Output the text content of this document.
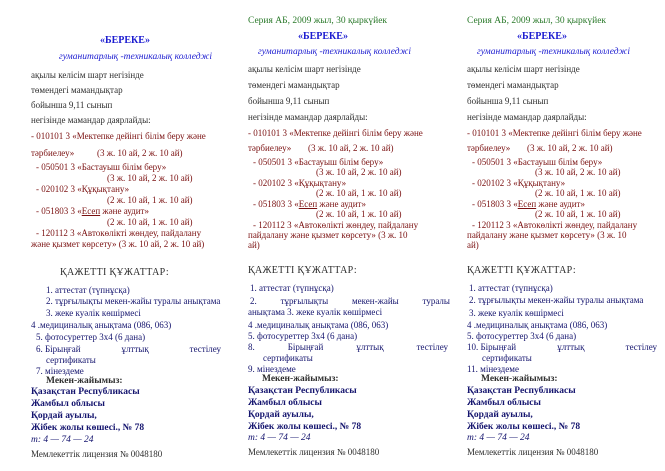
«БЕРЕКЕ»
гуманитарлық -техникалық колледжі
ақылы келісім шарт негізінде
төмендегі мамандықтар
бойынша 9,11 сынып
негізінде мамандар даярлайды:
- 010101 3 «Мектепке дейінгі білім беру және
тәрбиелеу»	(3 ж. 10 ай, 2 ж. 10 ай)
- 050501 3 «Бастауыш білім беру»
(3 ж. 10 ай, 2 ж. 10 ай)
- 020102 3 «Құқықтану»
(2 ж. 10 ай, 1 ж. 10 ай)
- 051803 3 «Есеп және аудит»
(2 ж. 10 ай, 1 ж. 10 ай)
- 120112 3 «Автокөлікті жөндеу, пайдалану
және қызмет көрсету» (3 ж. 10 ай, 2 ж. 10 ай)
ҚАЖЕТТІ ҚҰЖАТТАР:
1. аттестат (түпнұсқа)
2. тұрғылықты мекен-жайы туралы анықтама
3. жеке куәлік көшірмесі
4 .медициналық анықтама (086, 063)
5. фотосуреттер 3х4 (6 дана)
6. Бірыңғай	ұлттық	тестілеу
сертификаты
7. мінездеме
Мекен-жайымыз:
Қазақстан Республикасы
Жамбыл облысы
Қордай ауылы,
Жібек жолы көшесі., № 78
т: 4 — 74 — 24
Мемлекеттік лицензия № 0048180
Серия АБ, 2009 жыл, 30 қыркүйек
«БЕРЕКЕ»
гуманитарлық -техникалық колледжі
ақылы келісім шарт негізінде
төмендегі мамандықтар
бойынша 9,11 сынып
негізінде мамандар даярлайды:
- 010101 3 «Мектепке дейінгі білім беру және
тәрбиелеу» (3 ж. 10 ай, 2 ж. 10 ай)
- 050501 3 «Бастауыш білім беру»
(3 ж. 10 ай, 2 ж. 10 ай)
- 020102 3 «Құқықтану»
(2 ж. 10 ай, 1 ж. 10 ай)
- 051803 3 «Есеп және аудит»
(2 ж. 10 ай, 1 ж. 10 ай)
- 120112 3 «Автокөлікті жөндеу, пайдалану
пайдалану және қызмет көрсету» (3 ж. 10
ай)
ҚАЖЕТТІ ҚҰЖАТТАР:
1. аттестат (түпнұсқа)
2.	тұрғылықты	мекен-жайы	туралы
анықтама 3. жеке куәлік көшірмесі
4 .медициналық анықтама (086, 063)
5. фотосуреттер 3х4 (6 дана)
8.	Бірыңғай	ұлттық	тестілеу
сертификаты
9. мінездеме
Мекен-жайымыз:
Қазақстан Республикасы
Жамбыл облысы
Қордай ауылы,
Жібек жолы көшесі., № 78
т: 4 — 74 — 24
Мемлекеттік лицензия № 0048180
Серия АБ, 2009 жыл, 30 қыркүйек
«БЕРЕКЕ»
гуманитарлық -техникалық колледжі
ақылы келісім шарт негізінде
төмендегі мамандықтар
бойынша 9,11 сынып
негізінде мамандар даярлайды:
- 010101 3 «Мектепке дейінгі білім беру және
тәрбиелеу» (3 ж. 10 ай, 2 ж. 10 ай)
- 050501 3 «Бастауыш білім беру»
(3 ж. 10 ай, 2 ж. 10 ай)
- 020102 3 «Құқықтану»
(2 ж. 10 ай, 1 ж. 10 ай)
- 051803 3 «Есеп және аудит»
(2 ж. 10 ай, 1 ж. 10 ай)
- 120112 3 «Автокөлікті жөндеу, пайдалану
пайдалану және қызмет көрсету» (3 ж. 10
ай)
ҚАЖЕТТІ ҚҰЖАТТАР:
1. аттестат (түпнұсқа)
2. тұрғылықты мекен-жайы туралы анықтама
3. жеке куәлік көшірмесі
4 .медициналық анықтама (086, 063)
5. фотосуреттер 3х4 (6 дана)
10. Бірыңғай	ұлттық	тестілеу
сертификаты
11. мінездеме
Мекен-жайымыз:
Қазақстан Республикасы
Жамбыл облысы
Қордай ауылы,
Жібек жолы көшесі., № 78
т: 4 — 74 — 24
Мемлекеттік лицензия № 0048180
